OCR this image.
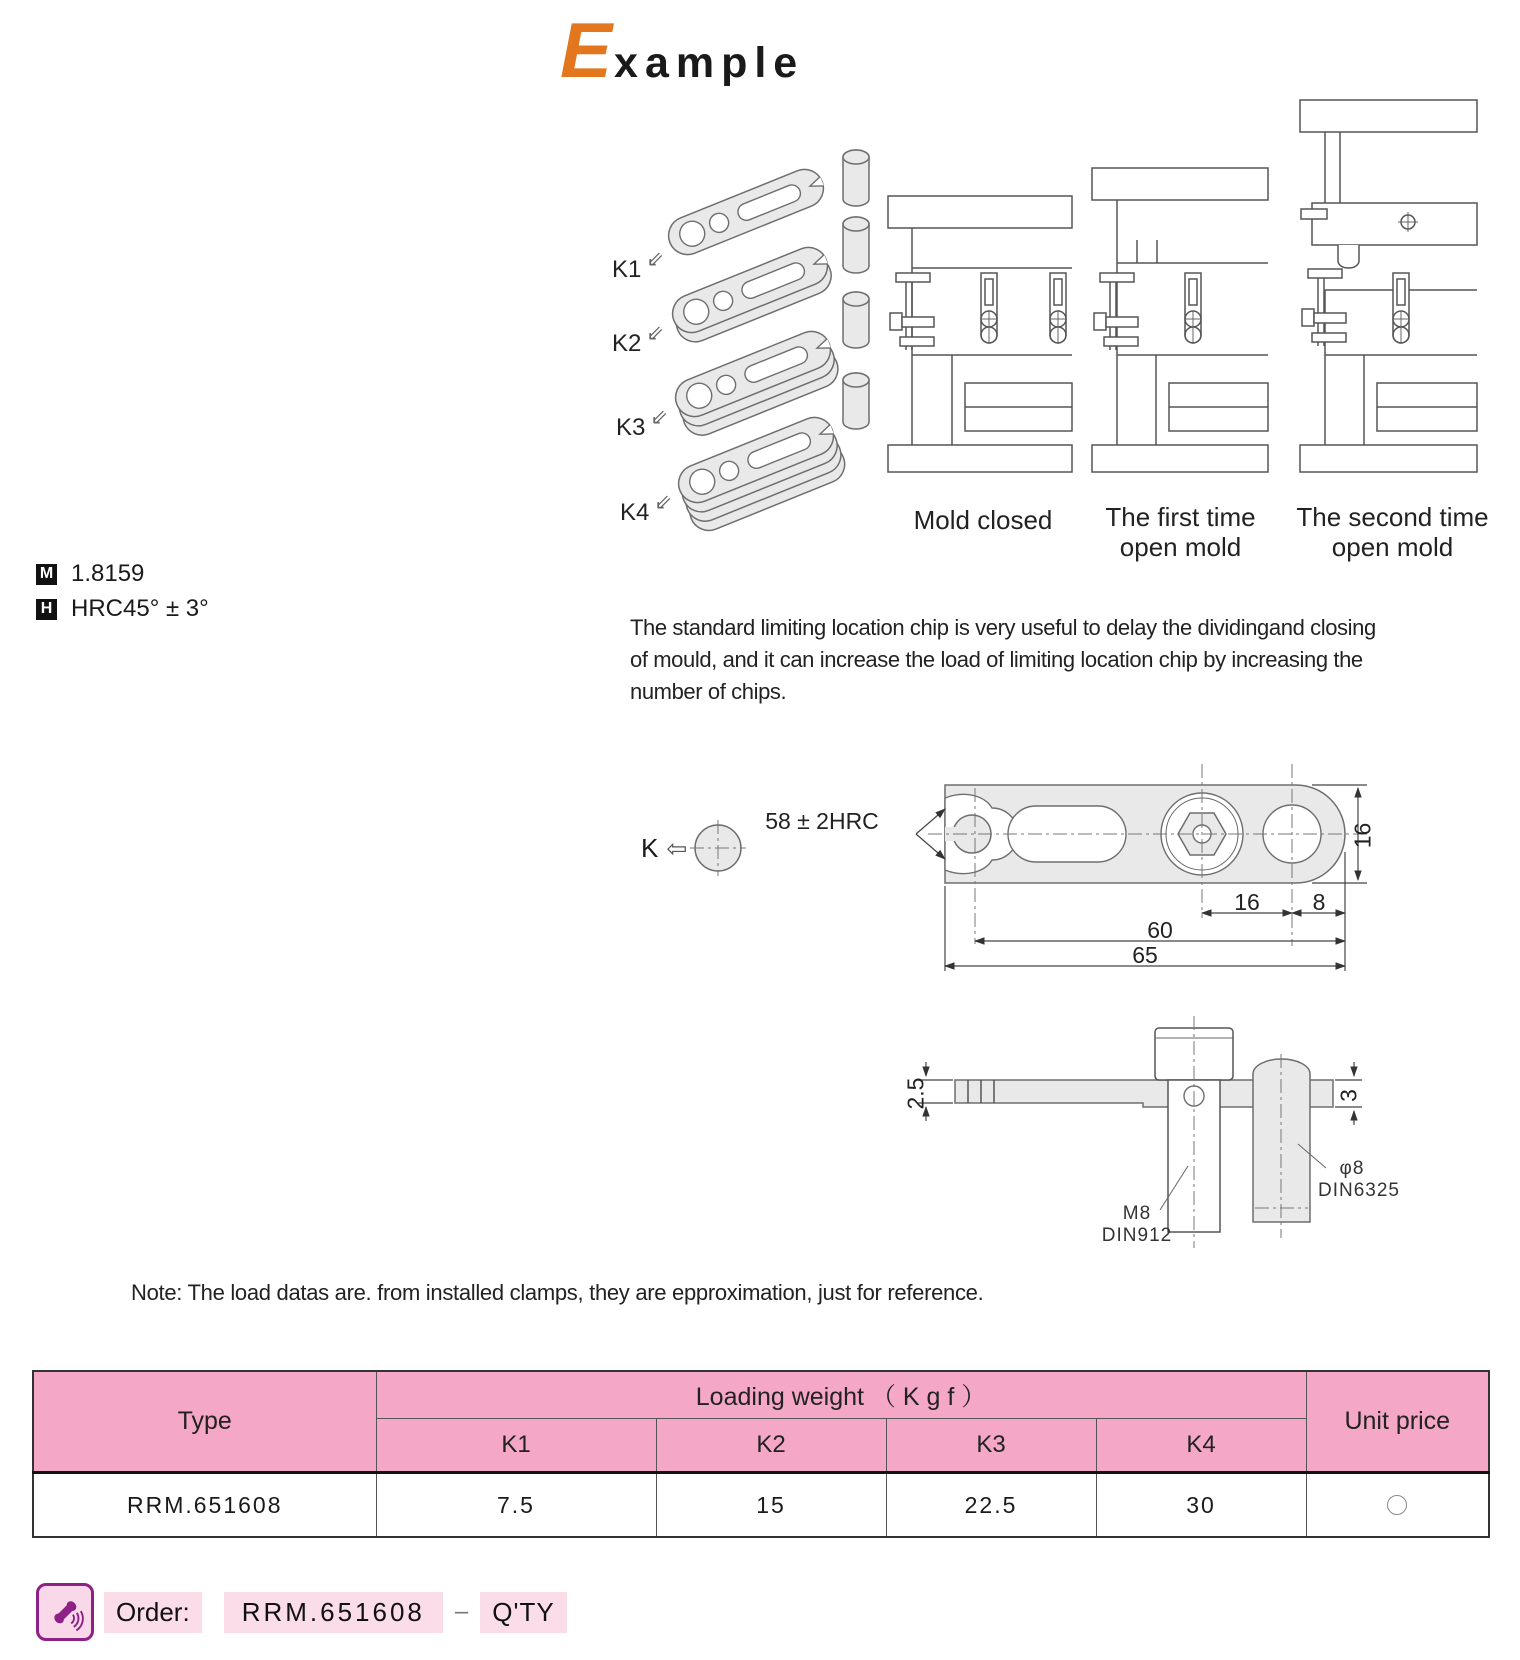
E xample
K1 ⇙
K2 ⇙
K3 ⇙
K4 ⇙
Mold closed	The first time
open mold
The second time
open mold
M 1.8159
H HRC45° ± 3°
The standard limiting location chip is very useful to delay the dividingand closing
of mould, and it can increase the load of limiting location chip by increasing the
number of chips.
K ⇦
58 ± 2HRC
16
16	8
60
65
2.5	3
M8
DIN912
φ8
DIN6325
Note: The load datas are. from installed clamps, they are epproximation, just for reference.
Type	Loading weight （ K g f ）				Unit price
	K1	K2	K3	K4	
RRM.651608	7.5	15	22.5	30	
Order:	RRM.651608	– Q'TY
